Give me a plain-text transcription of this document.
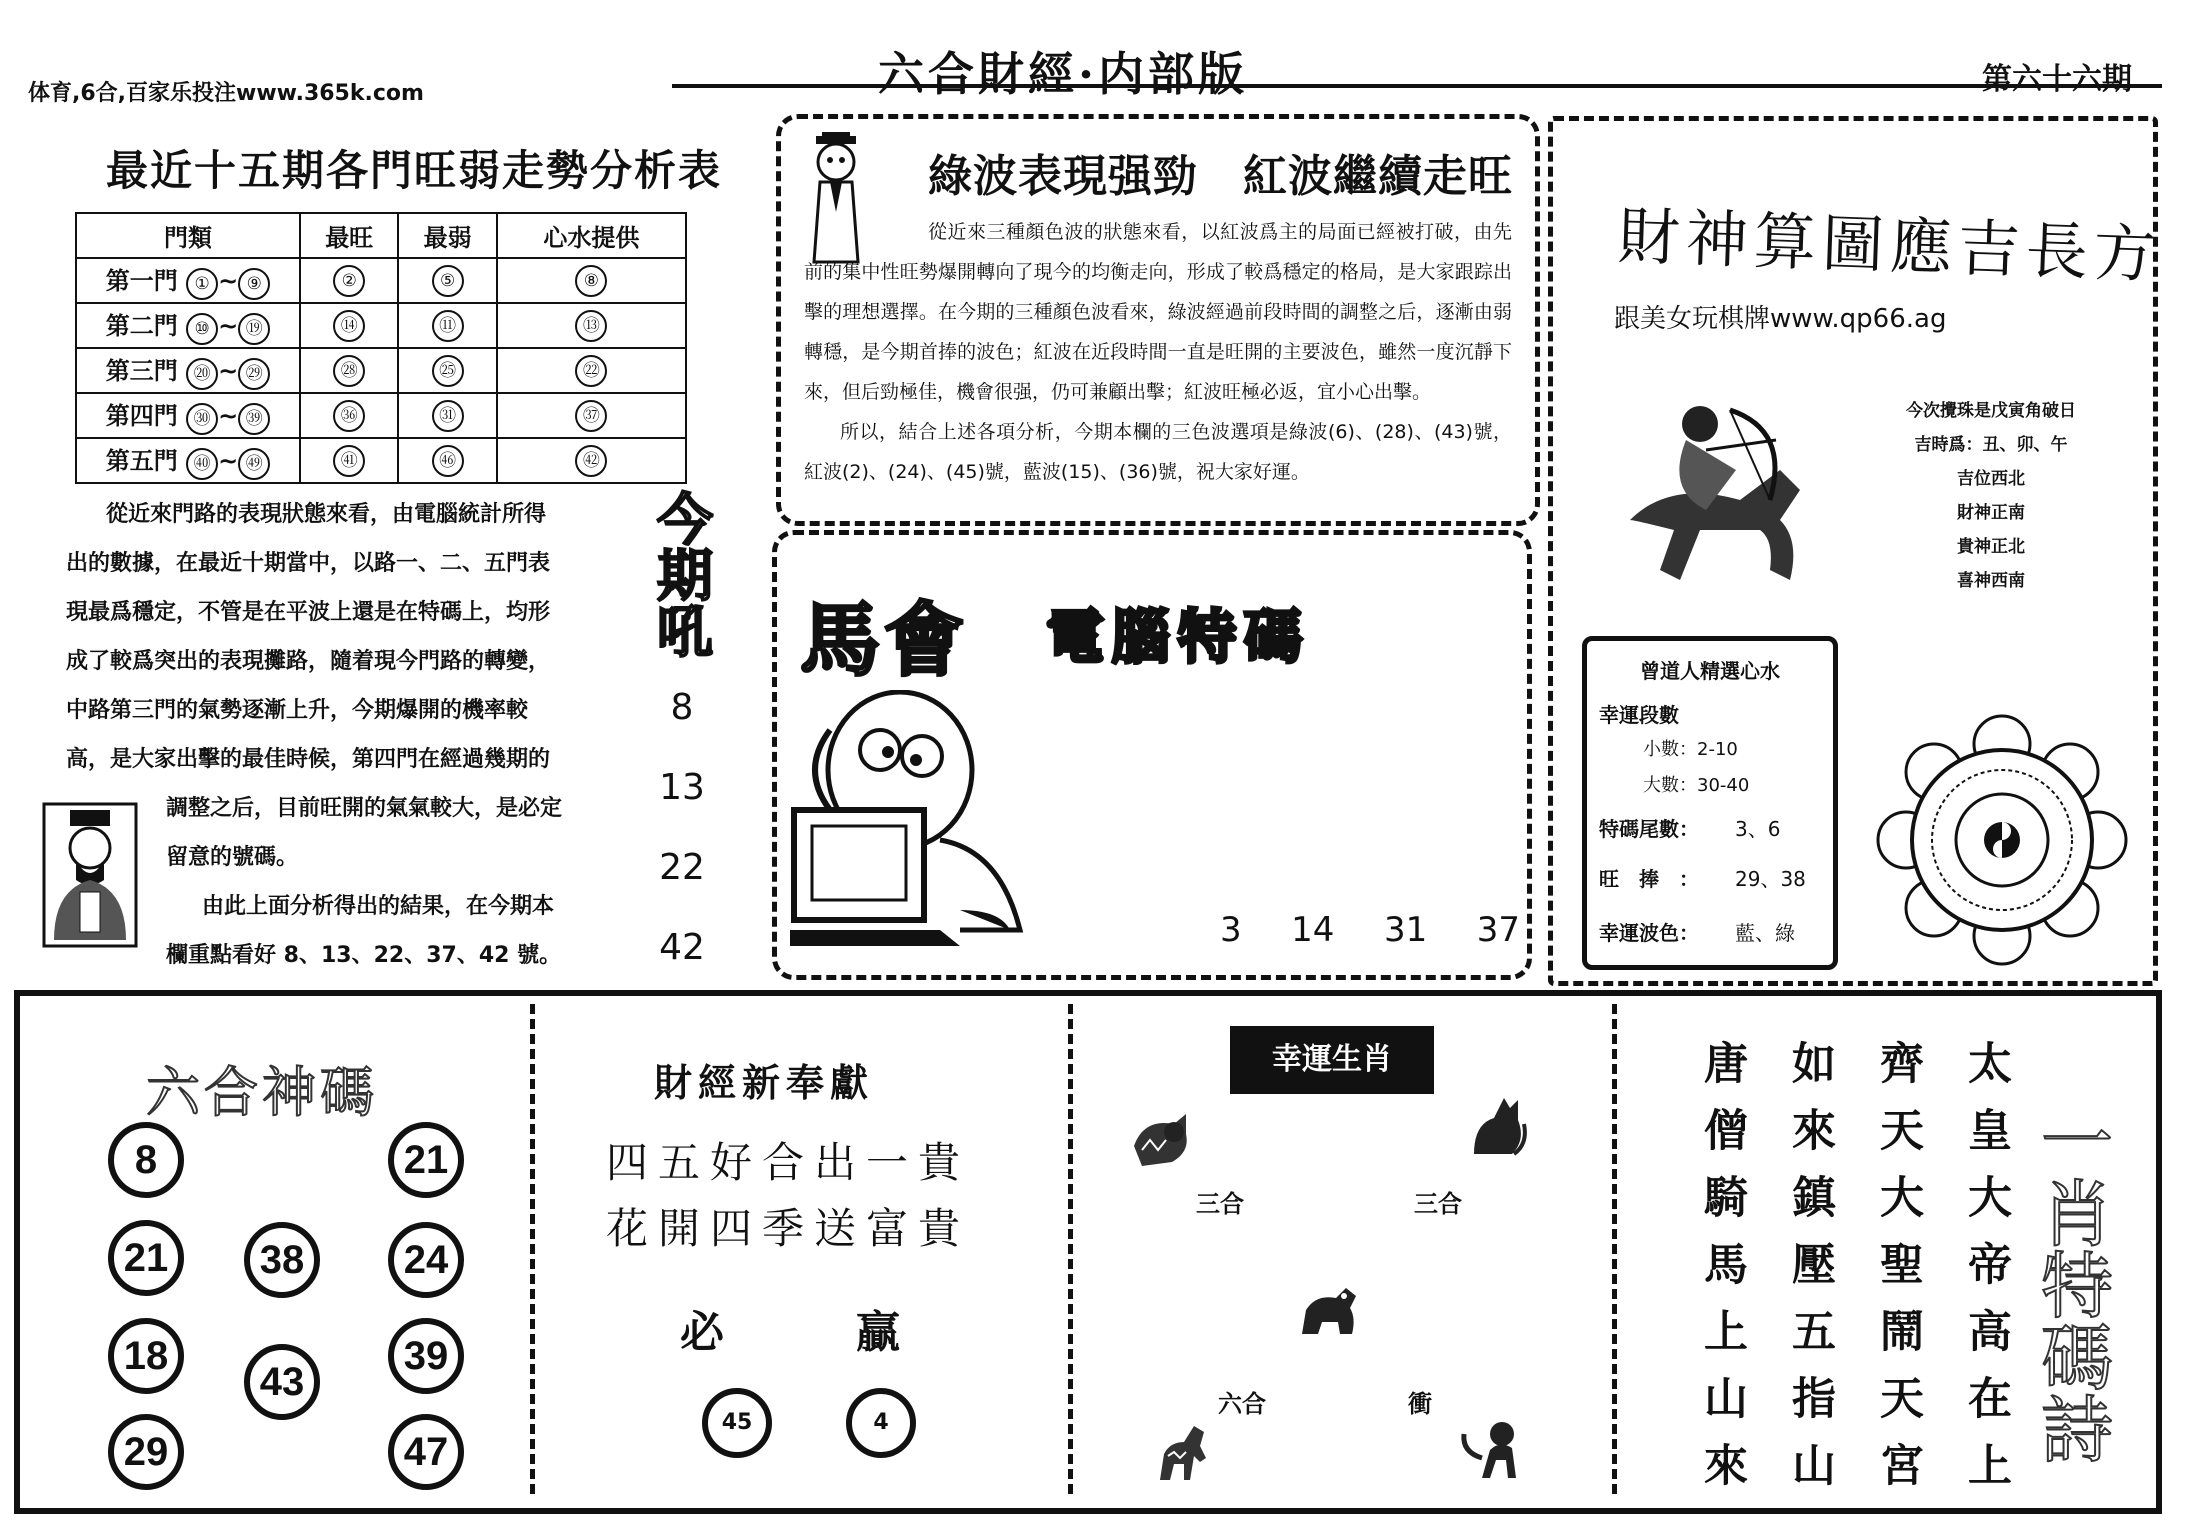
体育,6合,百家乐投注www.365k.com	六合財經·内部版	第六十六期
最近十五期各門旺弱走勢分析表
門類	最旺	最弱	心水提供
第一門 ① ~ ⑨	②	⑤	⑧
第二門 ⑩ ~ ⑲	⑭	⑪	⑬
第三門 ⑳ ~ ㉙	㉘	㉕	㉒
第四門 ㉚ ~ ㊴	㊱	㉛	㊲
第五門 ㊵ ~ ㊾	㊶	㊻	㊷
從近來門路的表現狀態來看，由電腦統計所得
出的數據，在最近十期當中，以路一、二、五門表
現最爲穩定，不管是在平波上還是在特碼上，均形
成了較爲突出的表現攤路，隨着現今門路的轉變，
中路第三門的氣勢逐漸上升，今期爆開的機率較
高，是大家出擊的最佳時候，第四門在經過幾期的
調整之后，目前旺開的氣氣較大，是必定
留意的號碼。
由此上面分析得出的結果，在今期本
欄重點看好 8、13、22、37、42 號。
今期吼
8
13
22
42
綠波表現强勁　紅波繼續走旺
從近來三種顏色波的狀態來看，以紅波爲主的局面已經被打破，由先前的集中性旺勢爆開轉向了現今的均衡走向，形成了較爲穩定的格局，是大家跟踪出擊的理想選擇。在今期的三種顏色波看來，綠波經過前段時間的調整之后，逐漸由弱轉穩，是今期首捧的波色；紅波在近段時間一直是旺開的主要波色，雖然一度沉靜下來，但后勁極佳，機會很强，仍可兼顧出擊；紅波旺極必返，宜小心出擊。
所以，結合上述各項分析，今期本欄的三色波選項是綠波(6)、(28)、(43)號，紅波(2)、(24)、(45)號，藍波(15)、(36)號，祝大家好運。
馬會 電腦特碼
3 14 31 37
財神算圖應吉長方
跟美女玩棋牌www.qp66.ag
今次攪珠是戊寅角破日
吉時爲：丑、卯、午
吉位西北
財神正南
貴神正北
喜神西南
曾道人精選心水
幸運段數
小數：2-10
大數：30-40
特碼尾數： 3、6
旺　捧　： 29、38
幸運波色： 藍、綠
六合神碼
8	21
21	38	24
18
43
39
29	47
財經新奉獻
四五好合出一貴
花開四季送富貴
必	贏
45	4
幸運生肖
三合	三合
六合	衝	唐僧騎馬上山來 如來鎮壓五指山 齊天大聖鬧天宮 太皇大帝高在上 一肖特碼詩
